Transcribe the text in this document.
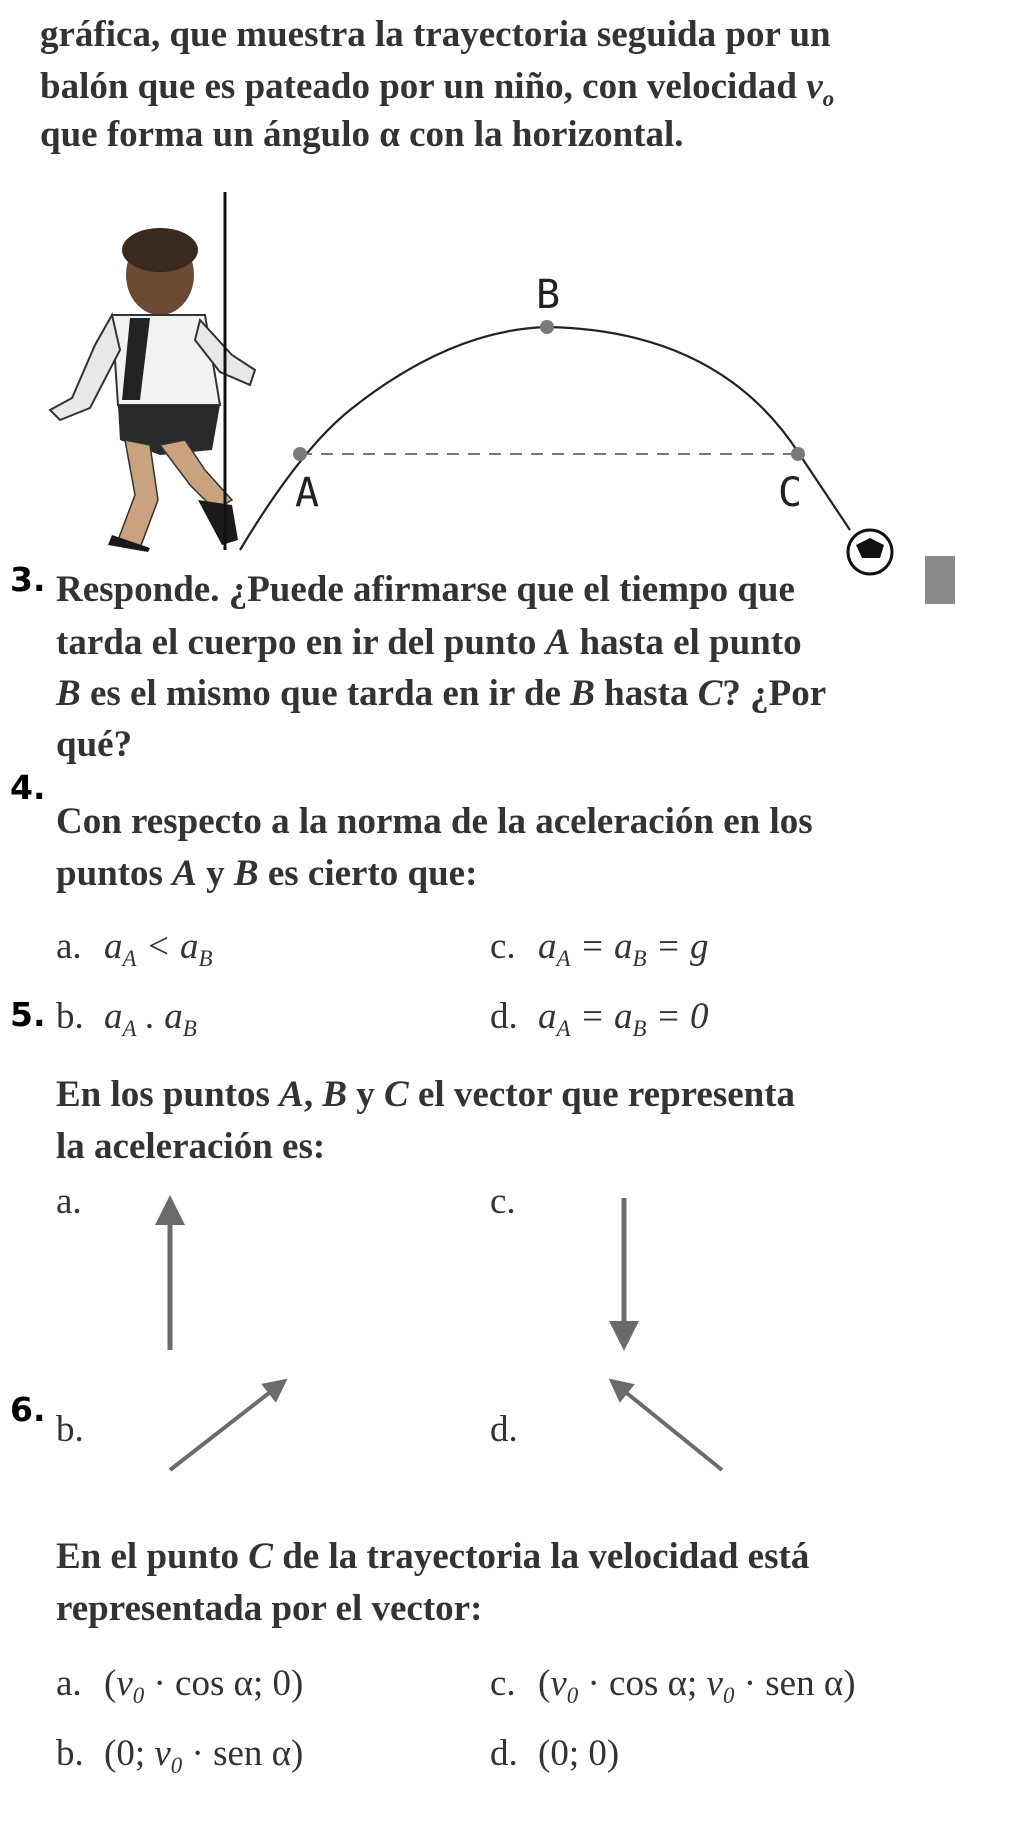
gráfica, que muestra la trayectoria seguida por un
balón que es pateado por un niño, con velocidad $v_o$
que forma un ángulo α con la horizontal.
A
B
C
3. Responde. ¿Puede afirmarse que el tiempo que
tarda el cuerpo en ir del punto A hasta el punto
B es el mismo que tarda en ir de B hasta C? ¿Por
qué?
4.
Con respecto a la norma de la aceleración en los
puntos A y B es cierto que:
a. $a_A < a_B$	c. $a_A = a_B = g$
5. b. $a_A$ . $a_B$	d. $a_A = a_B = 0$
En los puntos A, B y C el vector que representa
la aceleración es:
a.	c.
6. b.	d.
En el punto C de la trayectoria la velocidad está
representada por el vector:
a. ($v_0 \cdot \cos \alpha$; 0)	c. ($v_0 \cdot \cos \alpha$; $v_0$ · sen α)
b. (0; $v_0$ · sen α)	d. (0; 0)
